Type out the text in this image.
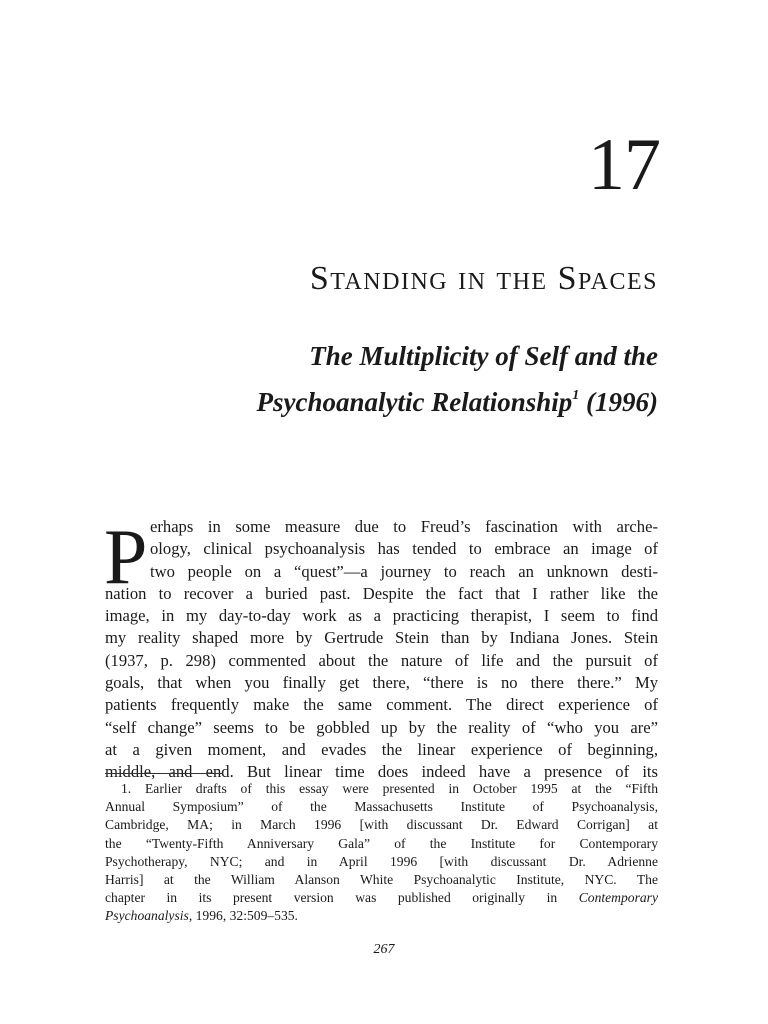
17
Standing in the Spaces
The Multiplicity of Self and the
Psychoanalytic Relationship$^1$ (1996)
P erhaps in some measure due to Freud’s fascination with arche-
ology, clinical psychoanalysis has tended to embrace an image of
two people on a “quest”—a journey to reach an unknown desti-
nation to recover a buried past. Despite the fact that I rather like the
image, in my day-to-day work as a practicing therapist, I seem to find
my reality shaped more by Gertrude Stein than by Indiana Jones. Stein
(1937, p. 298) commented about the nature of life and the pursuit of
goals, that when you finally get there, “there is no there there.” My
patients frequently make the same comment. The direct experience of
“self change” seems to be gobbled up by the reality of “who you are”
at a given moment, and evades the linear experience of beginning,
middle, and end. But linear time does indeed have a presence of its

1. Earlier drafts of this essay were presented in October 1995 at the “Fifth
Annual Symposium” of the Massachusetts Institute of Psychoanalysis,
Cambridge, MA; in March 1996 [with discussant Dr. Edward Corrigan] at
the “Twenty-Fifth Anniversary Gala” of the Institute for Contemporary
Psychotherapy, NYC; and in April 1996 [with discussant Dr. Adrienne
Harris] at the William Alanson White Psychoanalytic Institute, NYC. The
chapter in its present version was published originally in Contemporary
Psychoanalysis, 1996, 32:509–535.
267
